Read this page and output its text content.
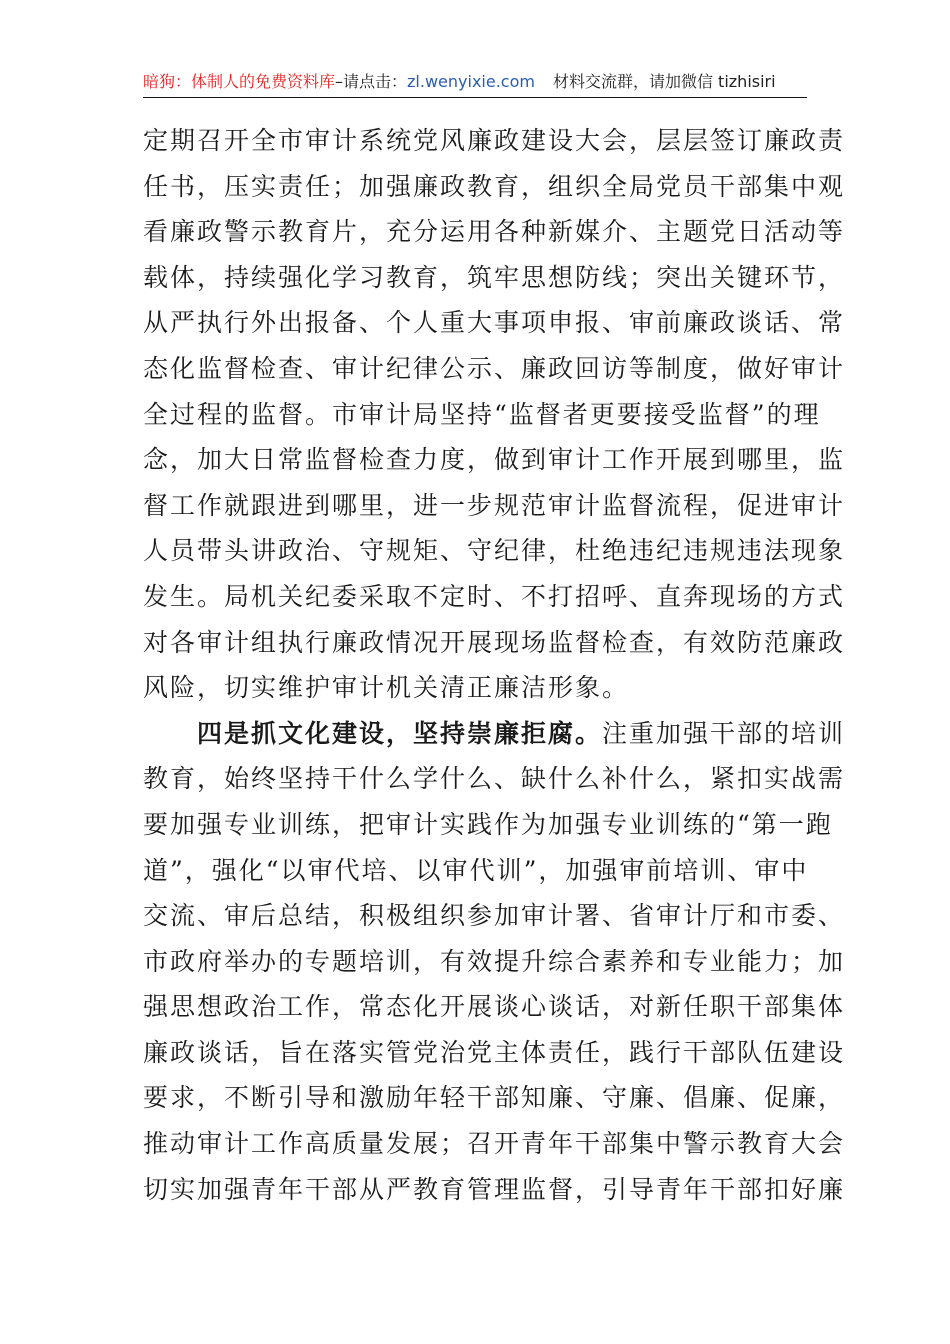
暗狗：体制人的免费资料库–请点击：zl.wenyixie.com 材料交流群，请加微信 tizhisiri
定期召开全市审计系统党风廉政建设大会，层层签订廉政责
任书，压实责任；加强廉政教育，组织全局党员干部集中观
看廉政警示教育片，充分运用各种新媒介、主题党日活动等
载体，持续强化学习教育，筑牢思想防线；突出关键环节，
从严执行外出报备、个人重大事项申报、审前廉政谈话、常
态化监督检查、审计纪律公示、廉政回访等制度，做好审计
全过程的监督。市审计局坚持“监督者更要接受监督”的理
念，加大日常监督检查力度，做到审计工作开展到哪里，监
督工作就跟进到哪里，进一步规范审计监督流程，促进审计
人员带头讲政治、守规矩、守纪律，杜绝违纪违规违法现象
发生。局机关纪委采取不定时、不打招呼、直奔现场的方式
对各审计组执行廉政情况开展现场监督检查，有效防范廉政
风险，切实维护审计机关清正廉洁形象。
四是抓文化建设，坚持崇廉拒腐。注重加强干部的培训
教育，始终坚持干什么学什么、缺什么补什么，紧扣实战需
要加强专业训练，把审计实践作为加强专业训练的“第一跑
道”，强化“以审代培、以审代训”，加强审前培训、审中
交流、审后总结，积极组织参加审计署、省审计厅和市委、
市政府举办的专题培训，有效提升综合素养和专业能力；加
强思想政治工作，常态化开展谈心谈话，对新任职干部集体
廉政谈话，旨在落实管党治党主体责任，践行干部队伍建设
要求，不断引导和激励年轻干部知廉、守廉、倡廉、促廉，
推动审计工作高质量发展；召开青年干部集中警示教育大会
切实加强青年干部从严教育管理监督，引导青年干部扣好廉
